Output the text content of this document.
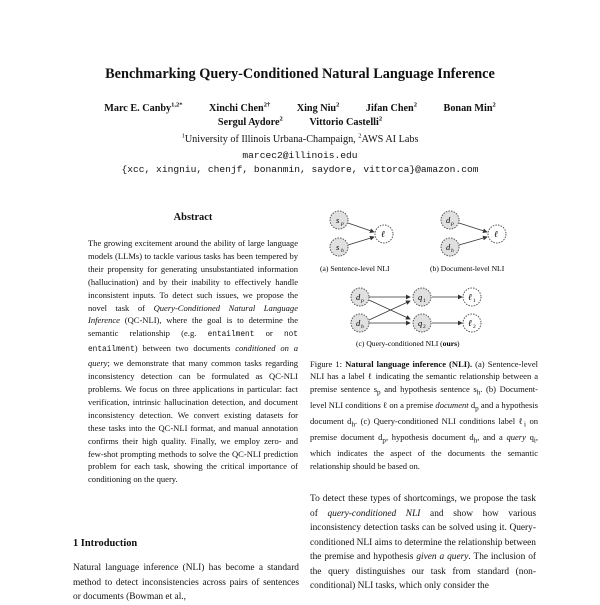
Benchmarking Query-Conditioned Natural Language Inference
Marc E. Canby$^{1,2*}$	Xinchi Chen$^{2\dagger}$	Xing Niu$^2$	Jifan Chen$^2$	Bonan Min$^2$
Sergul Aydore$^2$	Vittorio Castelli$^2$
$^1$University of Illinois Urbana-Champaign, $^2$AWS AI Labs
marcec2@illinois.edu
{xcc, xingniu, chenjf, bonanmin, saydore, vittorca}@amazon.com
Abstract
The growing excitement around the ability of large language models (LLMs) to tackle various tasks has been tempered by their propensity for generating unsubstantiated information (hallucination) and by their inability to effectively handle inconsistent inputs. To detect such issues, we propose the novel task of Query-Conditioned Natural Language Inference (QC-NLI), where the goal is to determine the semantic relationship (e.g. entailment or not entailment) between two documents conditioned on a query; we demonstrate that many common tasks regarding inconsistency detection can be formulated as QC-NLI problems. We focus on three applications in particular: fact verification, intrinsic hallucination detection, and document inconsistency detection. We convert existing datasets for these tasks into the QC-NLI format, and manual annotation confirms their high quality. Finally, we employ zero- and few-shot prompting methods to solve the QC-NLI prediction problem for each task, showing the critical importance of conditioning on the query.
1 Introduction
Natural language inference (NLI) has become a standard method to detect inconsistencies across pairs of sentences or documents (Bowman et al.,
s p
s h
ℓ
(a) Sentence-level NLI
d p
d h
ℓ
(b) Document-level NLI
d p
d h
q 1
q 2
ℓ 1
ℓ 2
(c) Query-conditioned NLI (ours)
Figure 1: Natural language inference (NLI). (a) Sentence-level NLI has a label ℓ indicating the semantic relationship between a premise sentence $s_p$ and hypothesis sentence $s_h$. (b) Document-level NLI conditions ℓ on a premise document $d_p$ and a hypothesis document $d_h$. (c) Query-conditioned NLI conditions label ℓ$_i$ on premise document $d_p$, hypothesis document $d_h$, and a query $q_i$, which indicates the aspect of the documents the semantic relationship should be based on.
To detect these types of shortcomings, we propose the task of query-conditioned NLI and show how various inconsistency detection tasks can be solved using it. Query-conditioned NLI aims to determine the relationship between the premise and hypothesis given a query. The inclusion of the query distinguishes our task from standard (non-conditional) NLI tasks, which only consider the
